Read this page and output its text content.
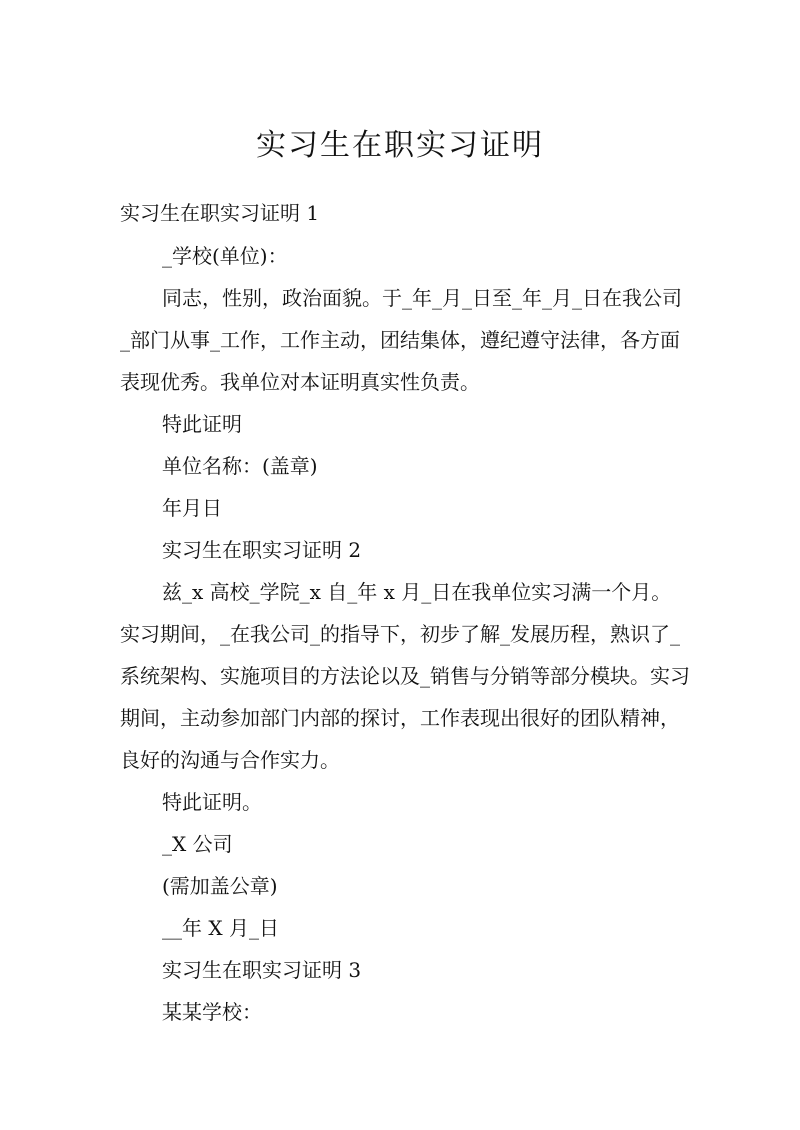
实习生在职实习证明
实习生在职实习证明 1
_学校(单位)：
同志，性别，政治面貌。于_年_月_日至_年_月_日在我公司_部门从事_工作，工作主动，团结集体，遵纪遵守法律，各方面表现优秀。我单位对本证明真实性负责。
特此证明
单位名称：(盖章)
年月日
实习生在职实习证明 2
兹_x 高校_学院_x 自_年 x 月_日在我单位实习满一个月。实习期间，_在我公司_的指导下，初步了解_发展历程，熟识了_系统架构、实施项目的方法论以及_销售与分销等部分模块。实习期间，主动参加部门内部的探讨，工作表现出很好的团队精神，良好的沟通与合作实力。
特此证明。
_X 公司
(需加盖公章)
__年 X 月_日
实习生在职实习证明 3
某某学校：
